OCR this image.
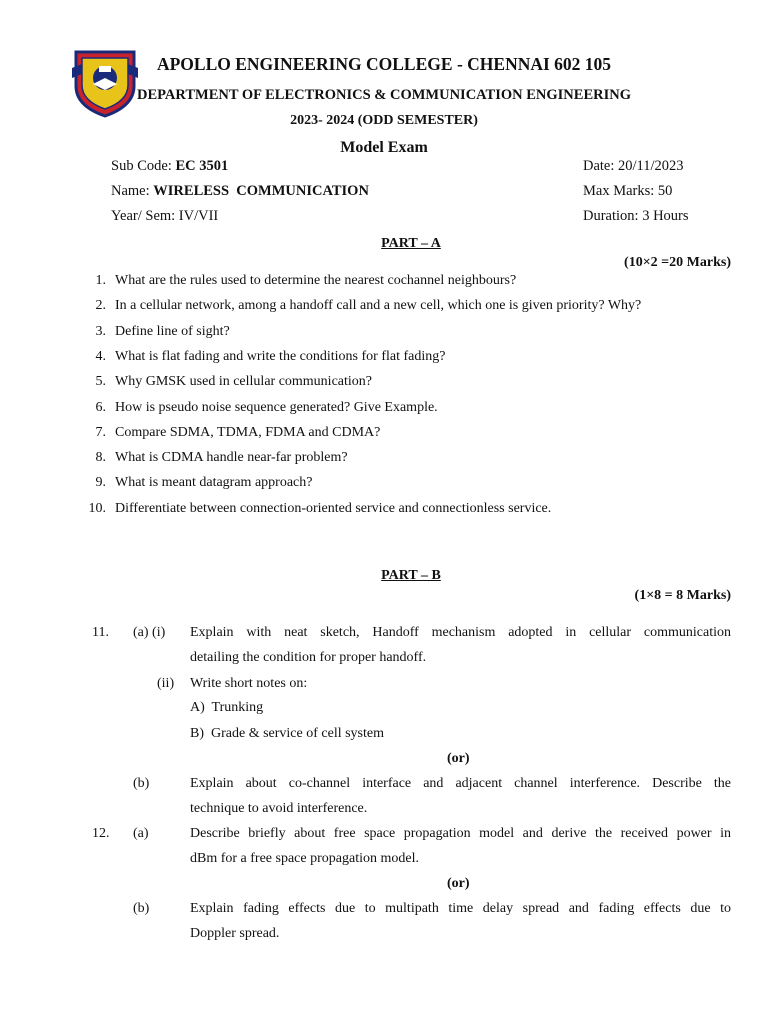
APOLLO ENGINEERING COLLEGE - CHENNAI 602 105
DEPARTMENT OF ELECTRONICS & COMMUNICATION ENGINEERING
2023- 2024 (ODD SEMESTER)
Model Exam
Sub Code: EC 3501
Name: WIRELESS  COMMUNICATION
Year/ Sem: IV/VII
Date: 20/11/2023
Max Marks: 50
Duration: 3 Hours
PART – A
(10×2 =20 Marks)
1. What are the rules used to determine the nearest cochannel neighbours?
2. In a cellular network, among a handoff call and a new cell, which one is given priority? Why?
3. Define line of sight?
4. What is flat fading and write the conditions for flat fading?
5. Why GMSK used in cellular communication?
6. How is pseudo noise sequence generated? Give Example.
7. Compare SDMA, TDMA, FDMA and CDMA?
8. What is CDMA handle near-far problem?
9. What is meant datagram approach?
10. Differentiate between connection-oriented service and connectionless service.
PART – B
(1×8 = 8 Marks)
11. (a) (i) Explain with neat sketch, Handoff mechanism adopted in cellular communication
detailing the condition for proper handoff.
(ii) Write short notes on:
A)  Trunking
B)  Grade & service of cell system
(or)
(b)	Explain about co-channel interface and adjacent channel interference. Describe the
technique to avoid interference.
12. (a)	Describe briefly about free space propagation model and derive the received power in
dBm for a free space propagation model.
(or)
(b)	Explain fading effects due to multipath time delay spread and fading effects due to
Doppler spread.
